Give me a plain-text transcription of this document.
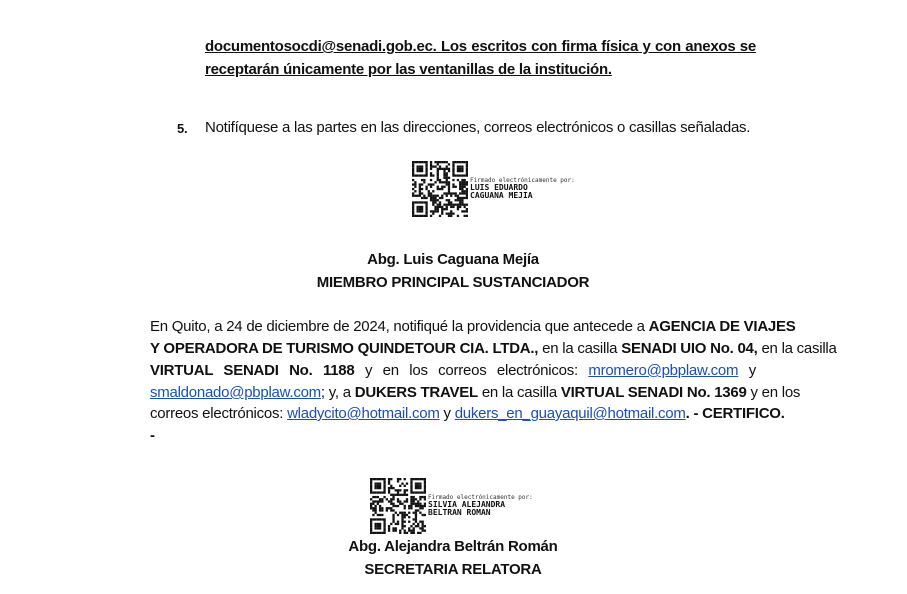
documentosocdi@senadi.gob.ec. Los escritos con firma física y con anexos se
receptarán únicamente por las ventanillas de la institución.
5. Notifíquese a las partes en las direcciones, correos electrónicos o casillas señaladas.
Firmado electrónicamente por:
LUIS EDUARDO
CAGUANA MEJIA
Abg. Luis Caguana Mejía
MIEMBRO PRINCIPAL SUSTANCIADOR
En Quito, a 24 de diciembre de 2024, notifiqué la providencia que antecede a AGENCIA DE VIAJES
Y OPERADORA DE TURISMO QUINDETOUR CIA. LTDA., en la casilla SENADI UIO No. 04, en la casilla
VIRTUAL SENADI No. 1188 y en los correos electrónicos: mromero@pbplaw.com y
smaldonado@pbplaw.com; y, a DUKERS TRAVEL en la casilla VIRTUAL SENADI No. 1369 y en los
correos electrónicos: wladycito@hotmail.com y dukers_en_guayaquil@hotmail.com. - CERTIFICO.
-
Firmado electrónicamente por:
SILVIA ALEJANDRA
BELTRAN ROMAN
Abg. Alejandra Beltrán Román
SECRETARIA RELATORA
